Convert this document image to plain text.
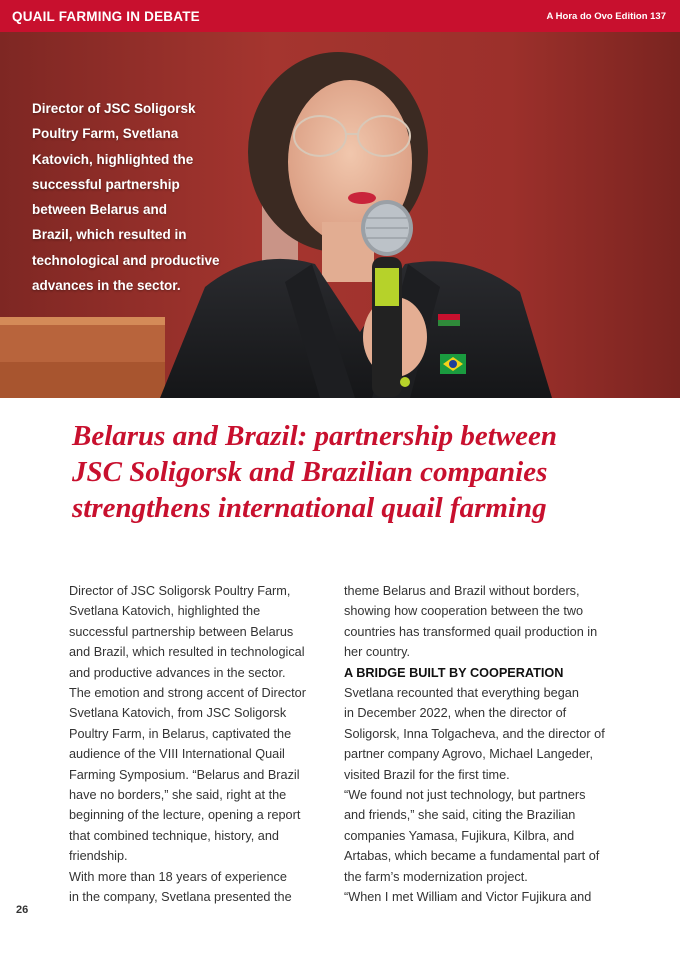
QUAIL FARMING IN DEBATE	A Hora do Ovo Edition 137
Director of JSC Soligorsk
Poultry Farm, Svetlana
Katovich, highlighted the
successful partnership
between Belarus and
Brazil, which resulted in
technological and productive
advances in the sector.
Belarus and Brazil: partnership between
JSC Soligorsk and Brazilian companies
strengthens international quail farming
Director of JSC Soligorsk Poultry Farm,
Svetlana Katovich, highlighted the
successful partnership between Belarus
and Brazil, which resulted in technological
and productive advances in the sector.
The emotion and strong accent of Director
Svetlana Katovich, from JSC Soligorsk
Poultry Farm, in Belarus, captivated the
audience of the VIII International Quail
Farming Symposium. “Belarus and Brazil
have no borders,” she said, right at the
beginning of the lecture, opening a report
that combined technique, history, and
friendship.
With more than 18 years of experience
in the company, Svetlana presented the
theme Belarus and Brazil without borders,
showing how cooperation between the two
countries has transformed quail production in
her country.
A BRIDGE BUILT BY COOPERATION
Svetlana recounted that everything began
in December 2022, when the director of
Soligorsk, Inna Tolgacheva, and the director of
partner company Agrovo, Michael Langeder,
visited Brazil for the first time.
“We found not just technology, but partners
and friends,” she said, citing the Brazilian
companies Yamasa, Fujikura, Kilbra, and
Artabas, which became a fundamental part of
the farm’s modernization project.
“When I met William and Victor Fujikura and
26
